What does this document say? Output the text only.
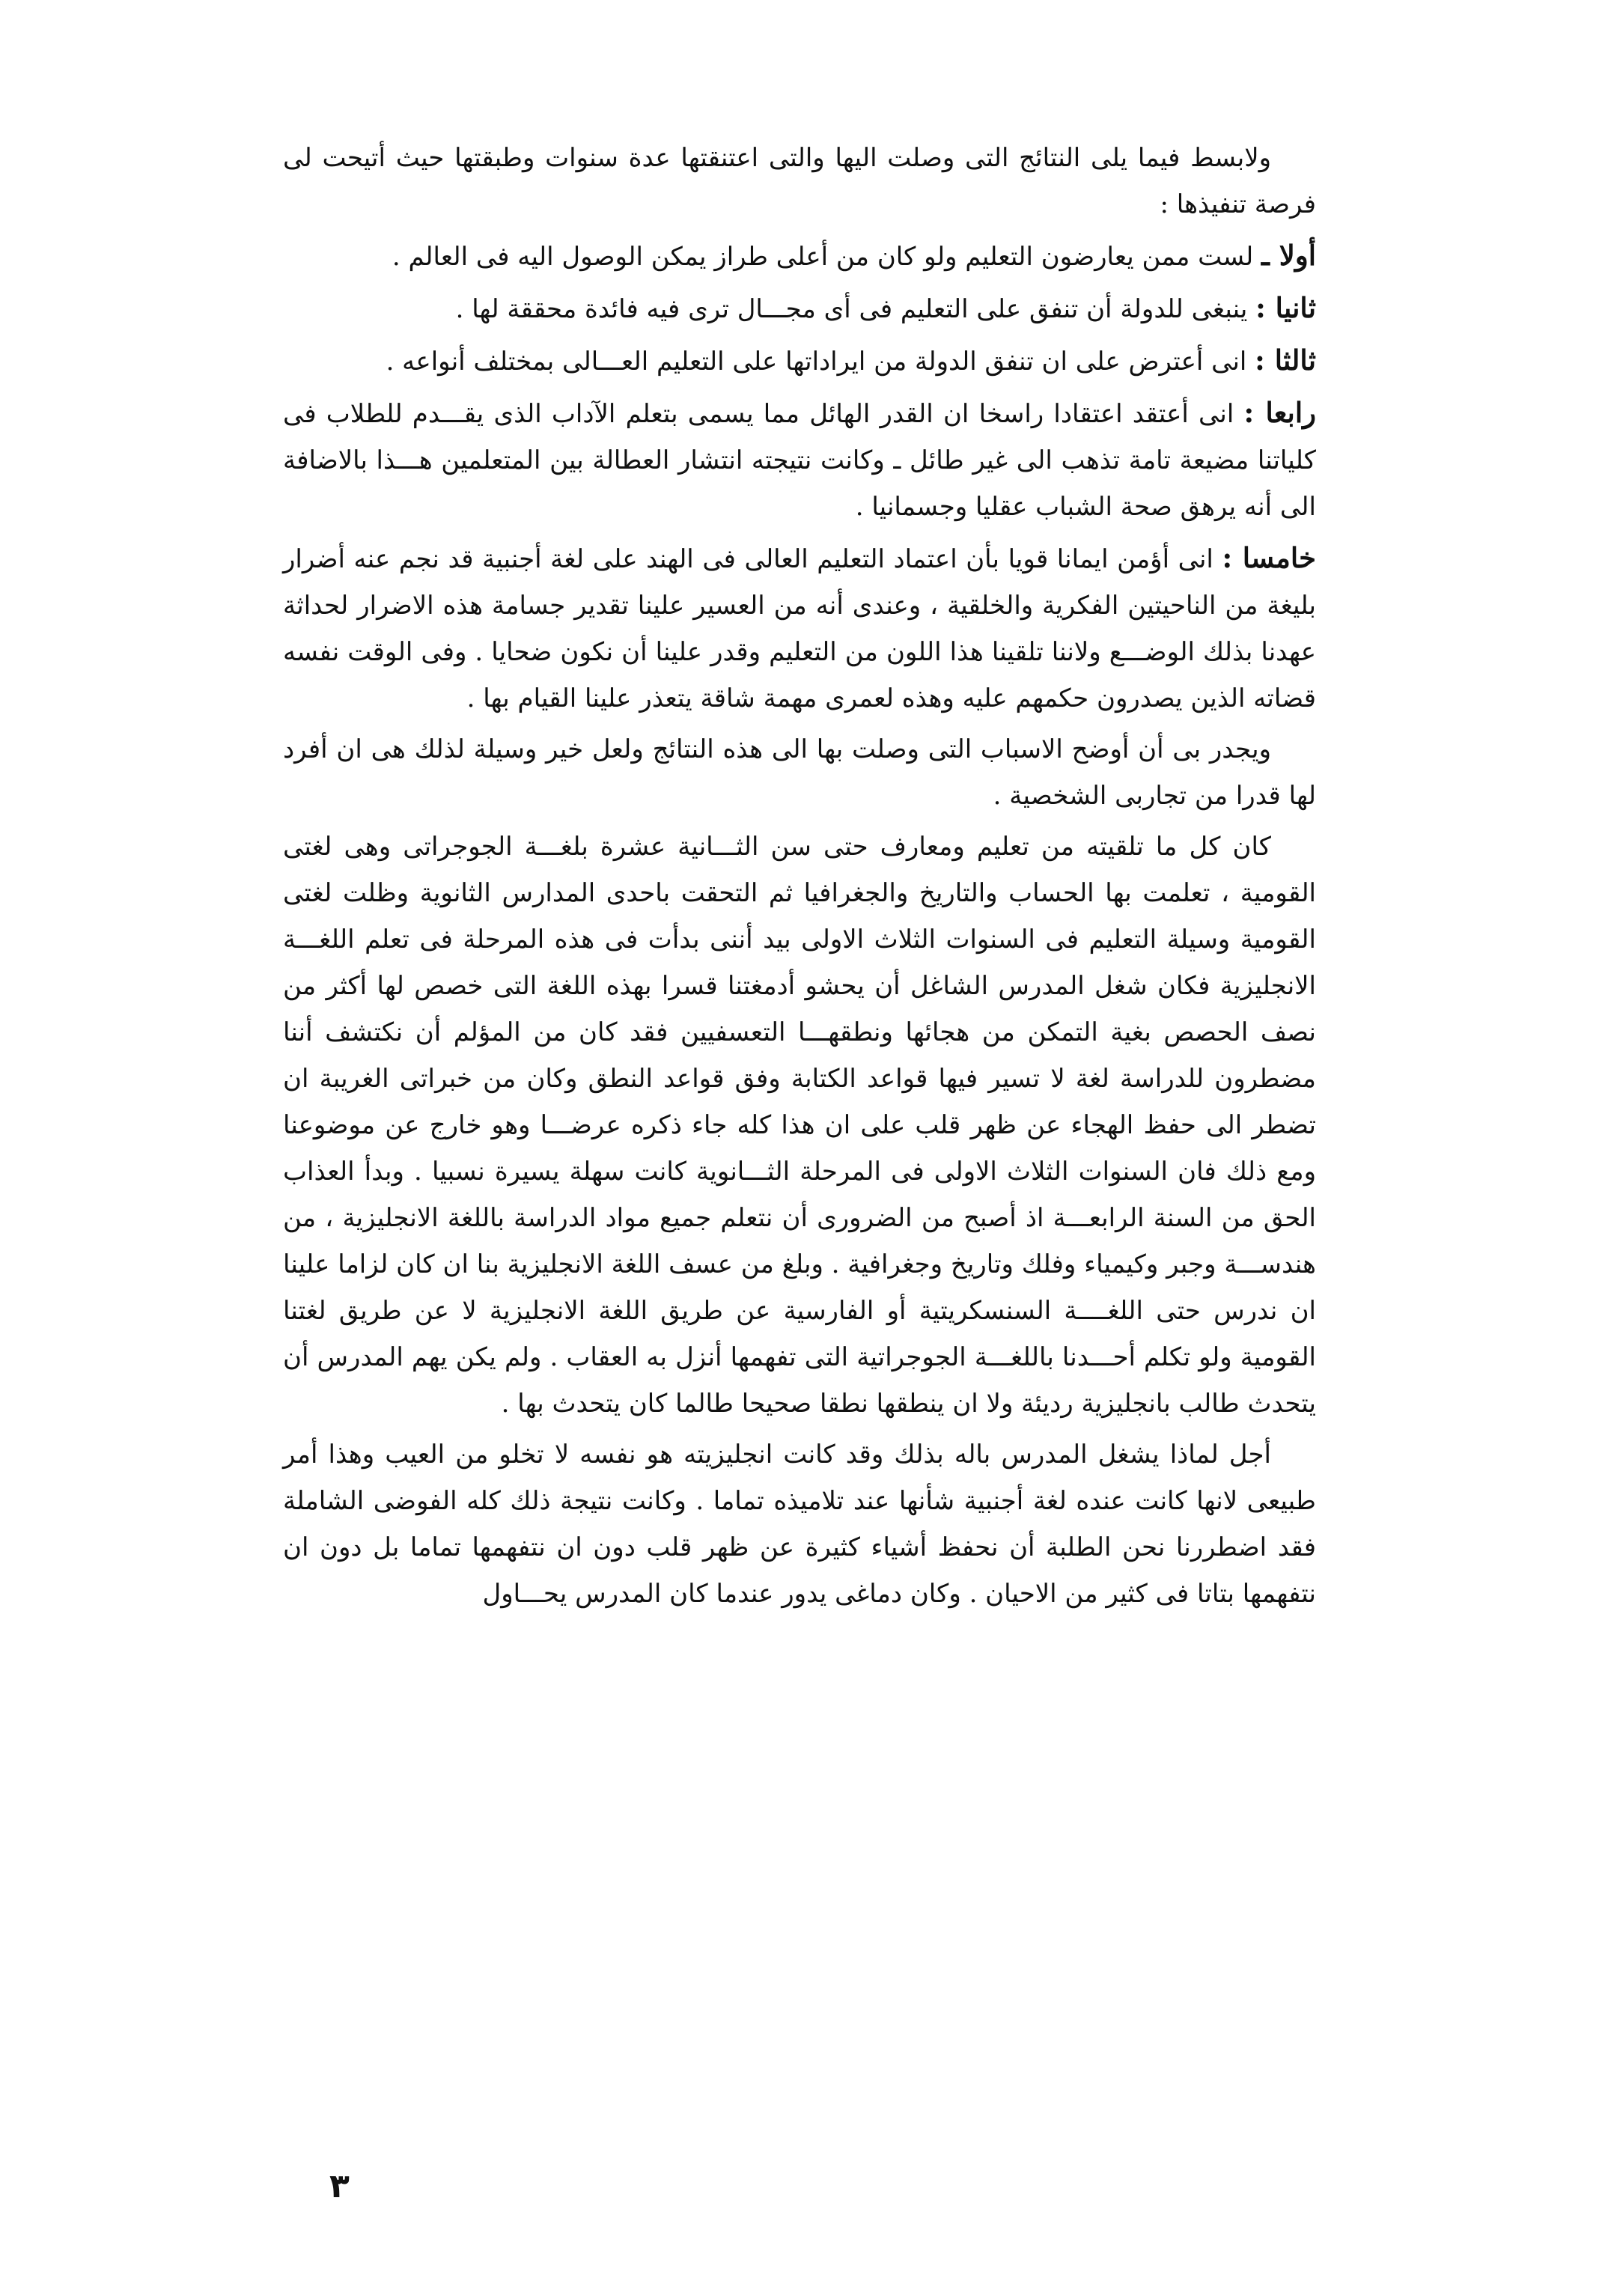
ولابسط فيما يلى النتائج التى وصلت اليها والتى اعتنقتها عدة سنوات وطبقتها حيث أتيحت لى فرصة تنفيذها :

أولا ـ لست ممن يعارضون التعليم ولو كان من أعلى طراز يمكن الوصول اليه فى العالم .

ثانيا : ينبغى للدولة أن تنفق على التعليم فى أى مجـــال ترى فيه فائدة محققة لها .

ثالثا : انى أعترض على ان تنفق الدولة من ايراداتها على التعليم العـــالى بمختلف أنواعه .

رابعا : انى أعتقد اعتقادا راسخا ان القدر الهائل مما يسمى بتعلم الآداب الذى يقـــدم للطلاب فى كلياتنا مضيعة تامة تذهب الى غير طائل ـ وكانت نتيجته انتشار العطالة بين المتعلمين هـــذا بالاضافة الى أنه يرهق صحة الشباب عقليا وجسمانيا .

خامسا : انى أؤمن ايمانا قويا بأن اعتماد التعليم العالى فى الهند على لغة أجنبية قد نجم عنه أضرار بليغة من الناحيتين الفكرية والخلقية ، وعندى أنه من العسير علينا تقدير جسامة هذه الاضرار لحداثة عهدنا بذلك الوضـــع ولاننا تلقينا هذا اللون من التعليم وقدر علينا أن نكون ضحايا . وفى الوقت نفسه قضاته الذين يصدرون حكمهم عليه وهذه لعمرى مهمة شاقة يتعذر علينا القيام بها .

ويجدر بى أن أوضح الاسباب التى وصلت بها الى هذه النتائج ولعل خير وسيلة لذلك هى ان أفرد لها قدرا من تجاربى الشخصية .

كان كل ما تلقيته من تعليم ومعارف حتى سن الثـــانية عشرة بلغـــة الجوجراتى وهى لغتى القومية ، تعلمت بها الحساب والتاريخ والجغرافيا ثم التحقت باحدى المدارس الثانوية وظلت لغتى القومية وسيلة التعليم فى السنوات الثلاث الاولى بيد أننى بدأت فى هذه المرحلة فى تعلم اللغـــة الانجليزية فكان شغل المدرس الشاغل أن يحشو أدمغتنا قسرا بهذه اللغة التى خصص لها أكثر من نصف الحصص بغية التمكن من هجائها ونطقهـــا التعسفيين فقد كان من المؤلم أن نكتشف أننا مضطرون للدراسة لغة لا تسير فيها قواعد الكتابة وفق قواعد النطق وكان من خبراتى الغريبة ان تضطر الى حفظ الهجاء عن ظهر قلب على ان هذا كله جاء ذكره عرضـــا وهو خارج عن موضوعنا ومع ذلك فان السنوات الثلاث الاولى فى المرحلة الثـــانوية كانت سهلة يسيرة نسبيا . وبدأ العذاب الحق من السنة الرابعـــة اذ أصبح من الضرورى أن نتعلم جميع مواد الدراسة باللغة الانجليزية ، من هندســـة وجبر وكيمياء وفلك وتاريخ وجغرافية . وبلغ من عسف اللغة الانجليزية بنا ان كان لزاما علينا ان ندرس حتى اللغــــة السنسكريتية أو الفارسية عن طريق اللغة الانجليزية لا عن طريق لغتنا القومية ولو تكلم أحـــدنا باللغـــة الجوجراتية التى تفهمها أنزل به العقاب . ولم يكن يهم المدرس أن يتحدث طالب بانجليزية رديئة ولا ان ينطقها نطقا صحيحا طالما كان يتحدث بها .

أجل لماذا يشغل المدرس باله بذلك وقد كانت انجليزيته هو نفسه لا تخلو من العيب وهذا أمر طبيعى لانها كانت عنده لغة أجنبية شأنها عند تلاميذه تماما . وكانت نتيجة ذلك كله الفوضى الشاملة فقد اضطررنا نحن الطلبة أن نحفظ أشياء كثيرة عن ظهر قلب دون ان نتفهمها تماما بل دون ان نتفهمها بتاتا فى كثير من الاحيان . وكان دماغى يدور عندما كان المدرس يحـــاول

٣
